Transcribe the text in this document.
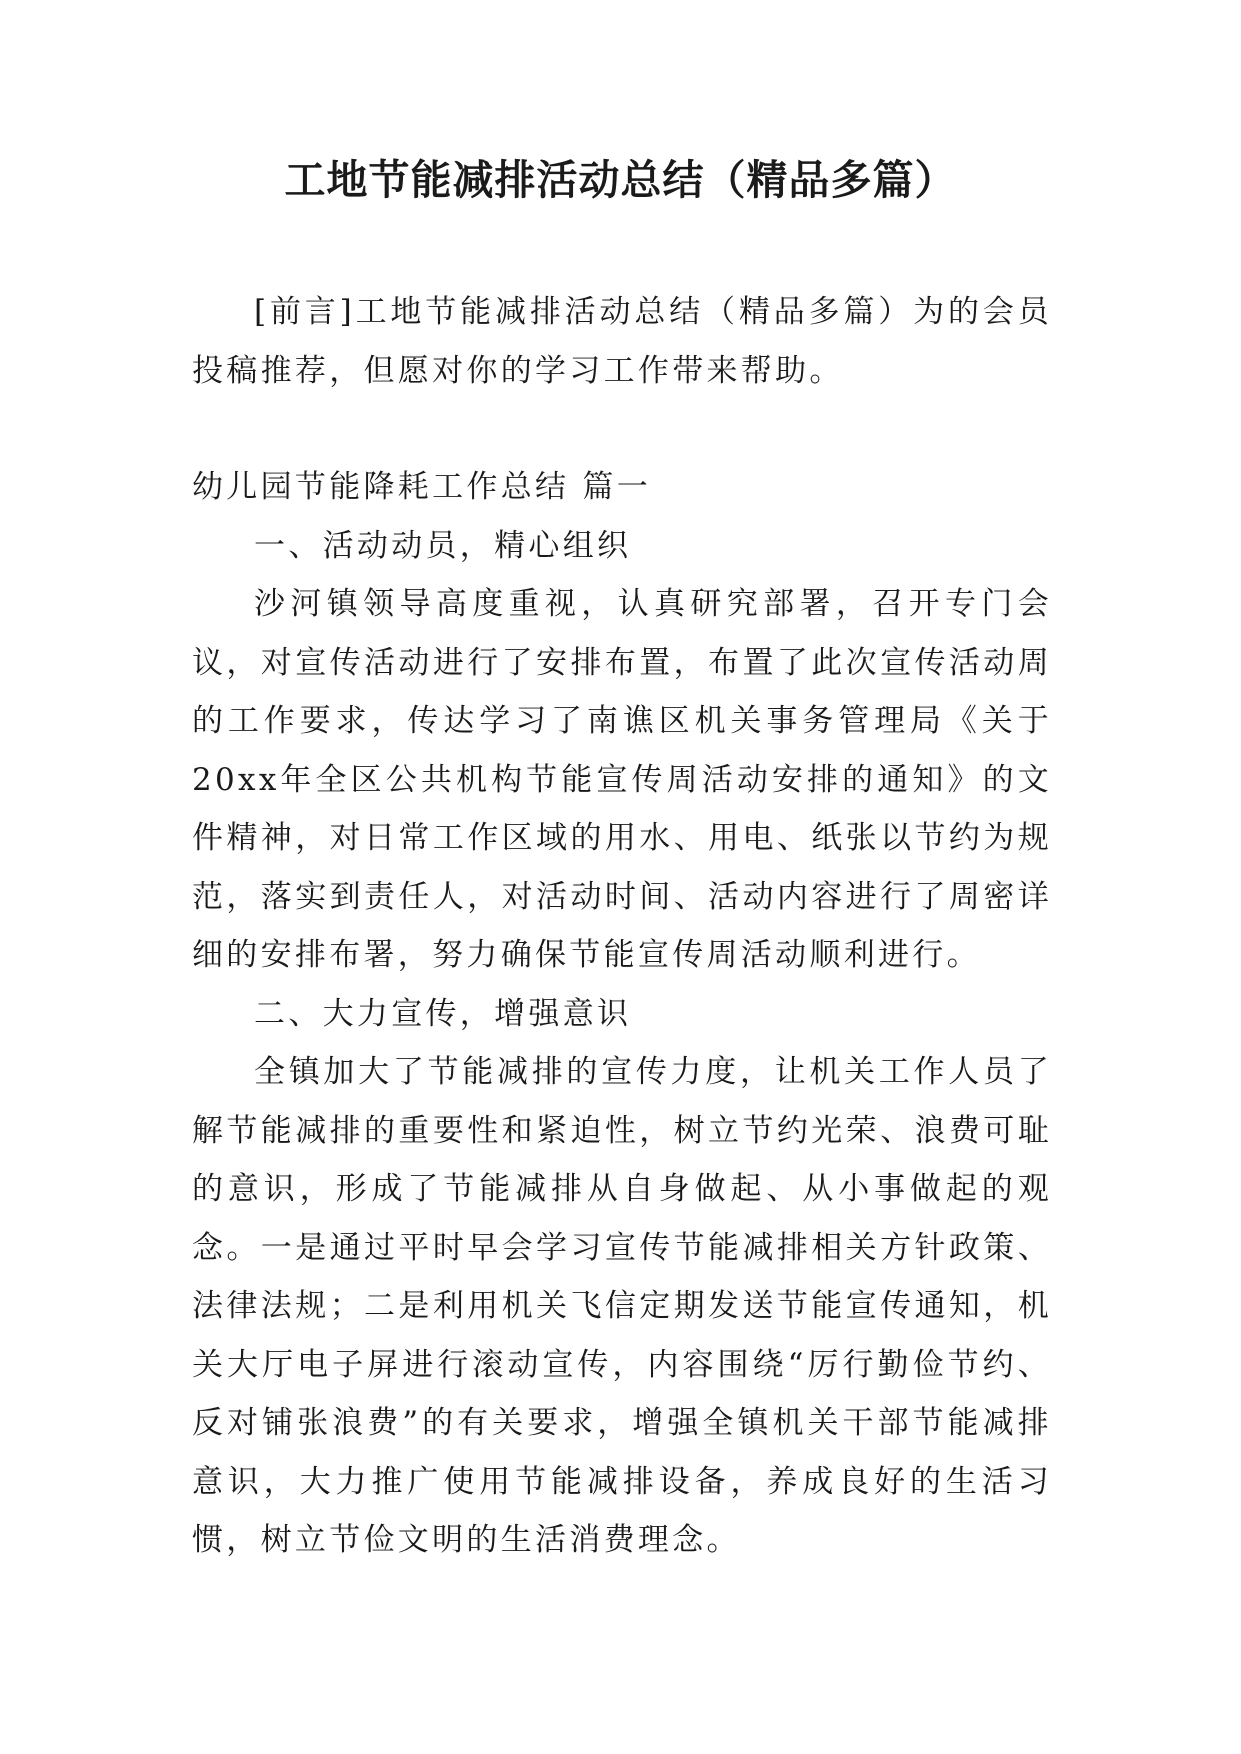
工地节能减排活动总结（精品多篇）

[前言]工地节能减排活动总结（精品多篇）为的会员投稿推荐，但愿对你的学习工作带来帮助。

幼儿园节能降耗工作总结 篇一

一、活动动员，精心组织

沙河镇领导高度重视，认真研究部署，召开专门会议，对宣传活动进行了安排布置，布置了此次宣传活动周的工作要求，传达学习了南谯区机关事务管理局《关于20xx年全区公共机构节能宣传周活动安排的通知》的文件精神，对日常工作区域的用水、用电、纸张以节约为规范，落实到责任人，对活动时间、活动内容进行了周密详细的安排布署，努力确保节能宣传周活动顺利进行。

二、大力宣传，增强意识

全镇加大了节能减排的宣传力度，让机关工作人员了解节能减排的重要性和紧迫性，树立节约光荣、浪费可耻的意识，形成了节能减排从自身做起、从小事做起的观念。一是通过平时早会学习宣传节能减排相关方针政策、法律法规；二是利用机关飞信定期发送节能宣传通知，机关大厅电子屏进行滚动宣传，内容围绕“厉行勤俭节约、反对铺张浪费”的有关要求，增强全镇机关干部节能减排意识，大力推广使用节能减排设备，养成良好的生活习惯，树立节俭文明的生活消费理念。
